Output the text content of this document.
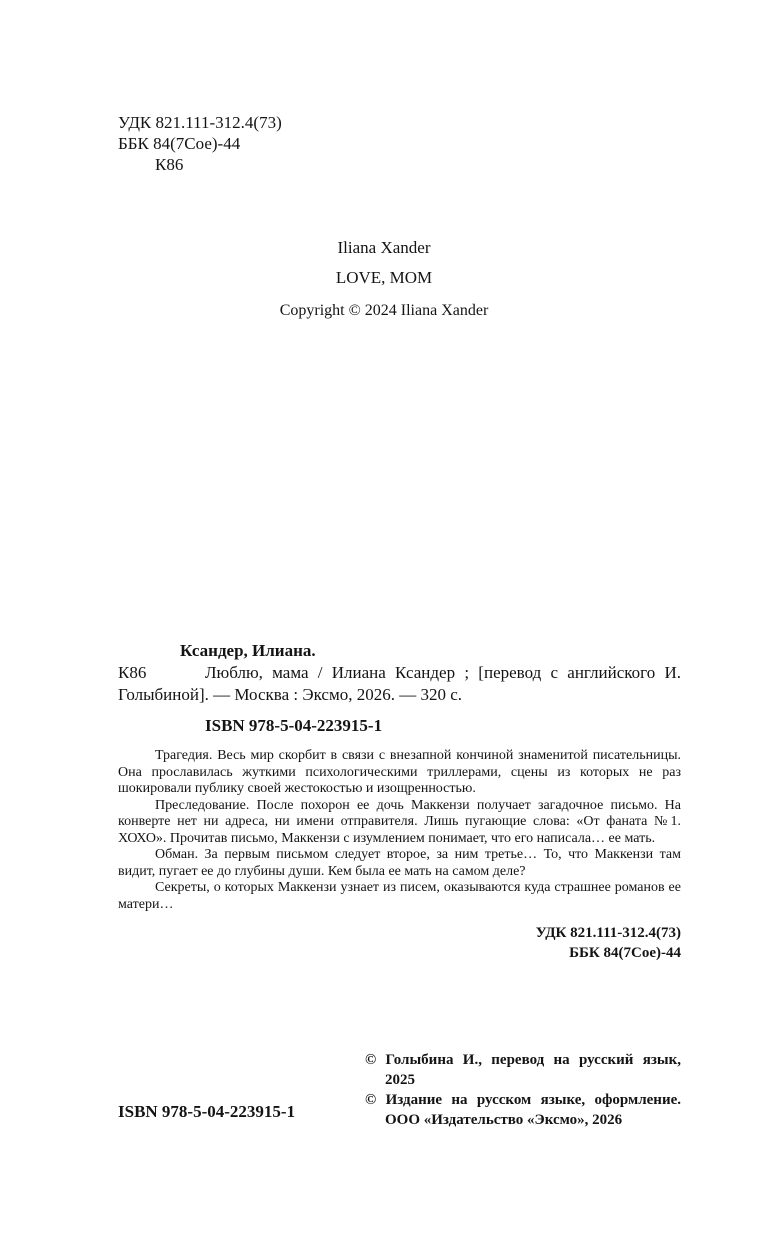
УДК 821.111-312.4(73)
ББК 84(7Сое)-44
К86
Iliana Xander
LOVE, MOM
Copyright © 2024 Iliana Xander
Ксандер, Илиана.
К86	Люблю, мама / Илиана Ксандер ; [перевод с английского И. Голыбиной]. — Москва : Эксмо, 2026. — 320 с.

ISBN 978-5-04-223915-1

Трагедия. Весь мир скорбит в связи с внезапной кончиной знаменитой писательницы. Она прославилась жуткими психологическими триллерами, сцены из которых не раз шокировали публику своей жестокостью и изощренностью.

Преследование. После похорон ее дочь Маккензи получает загадочное письмо. На конверте нет ни адреса, ни имени отправителя. Лишь пугающие слова: «От фаната №1. ХОХО». Прочитав письмо, Маккензи с изумлением понимает, что его написала… ее мать.

Обман. За первым письмом следует второе, за ним третье… То, что Маккензи там видит, пугает ее до глубины души. Кем была ее мать на самом деле?

Секреты, о которых Маккензи узнает из писем, оказываются куда страшнее романов ее матери…

УДК 821.111-312.4(73)
ББК 84(7Сое)-44

© Голыбина И., перевод на русский язык, 2025

© Издание на русском языке, оформление. ООО «Издательство «Эксмо», 2026

ISBN 978-5-04-223915-1
